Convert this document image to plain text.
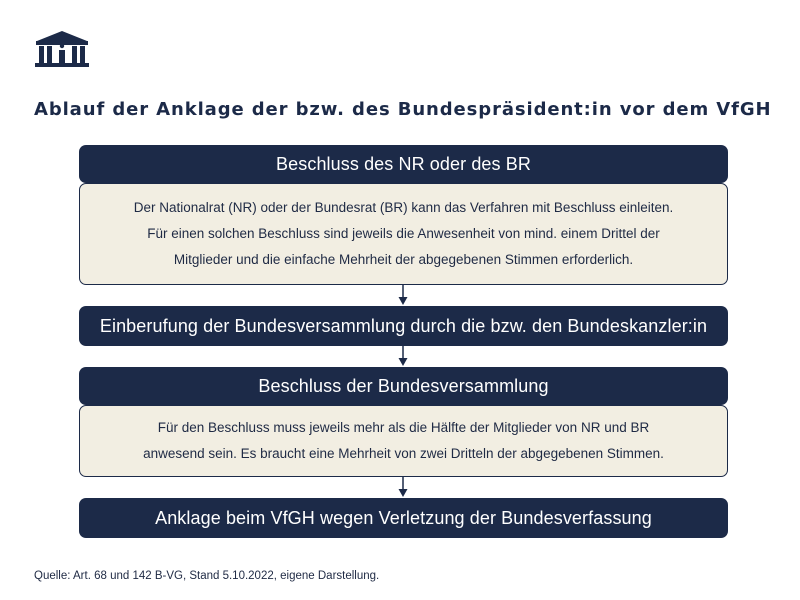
Ablauf der Anklage der bzw. des Bundespräsident:in vor dem VfGH
Beschluss des NR oder des BR
Der Nationalrat (NR) oder der Bundesrat (BR) kann das Verfahren mit Beschluss einleiten.
Für einen solchen Beschluss sind jeweils die Anwesenheit von mind. einem Drittel der
Mitglieder und die einfache Mehrheit der abgegebenen Stimmen erforderlich.
Einberufung der Bundesversammlung durch die bzw. den Bundeskanzler:in
Beschluss der Bundesversammlung
Für den Beschluss muss jeweils mehr als die Hälfte der Mitglieder von NR und BR
anwesend sein. Es braucht eine Mehrheit von zwei Dritteln der abgegebenen Stimmen.
Anklage beim VfGH wegen Verletzung der Bundesverfassung
Quelle: Art. 68 und 142 B-VG, Stand 5.10.2022, eigene Darstellung.
